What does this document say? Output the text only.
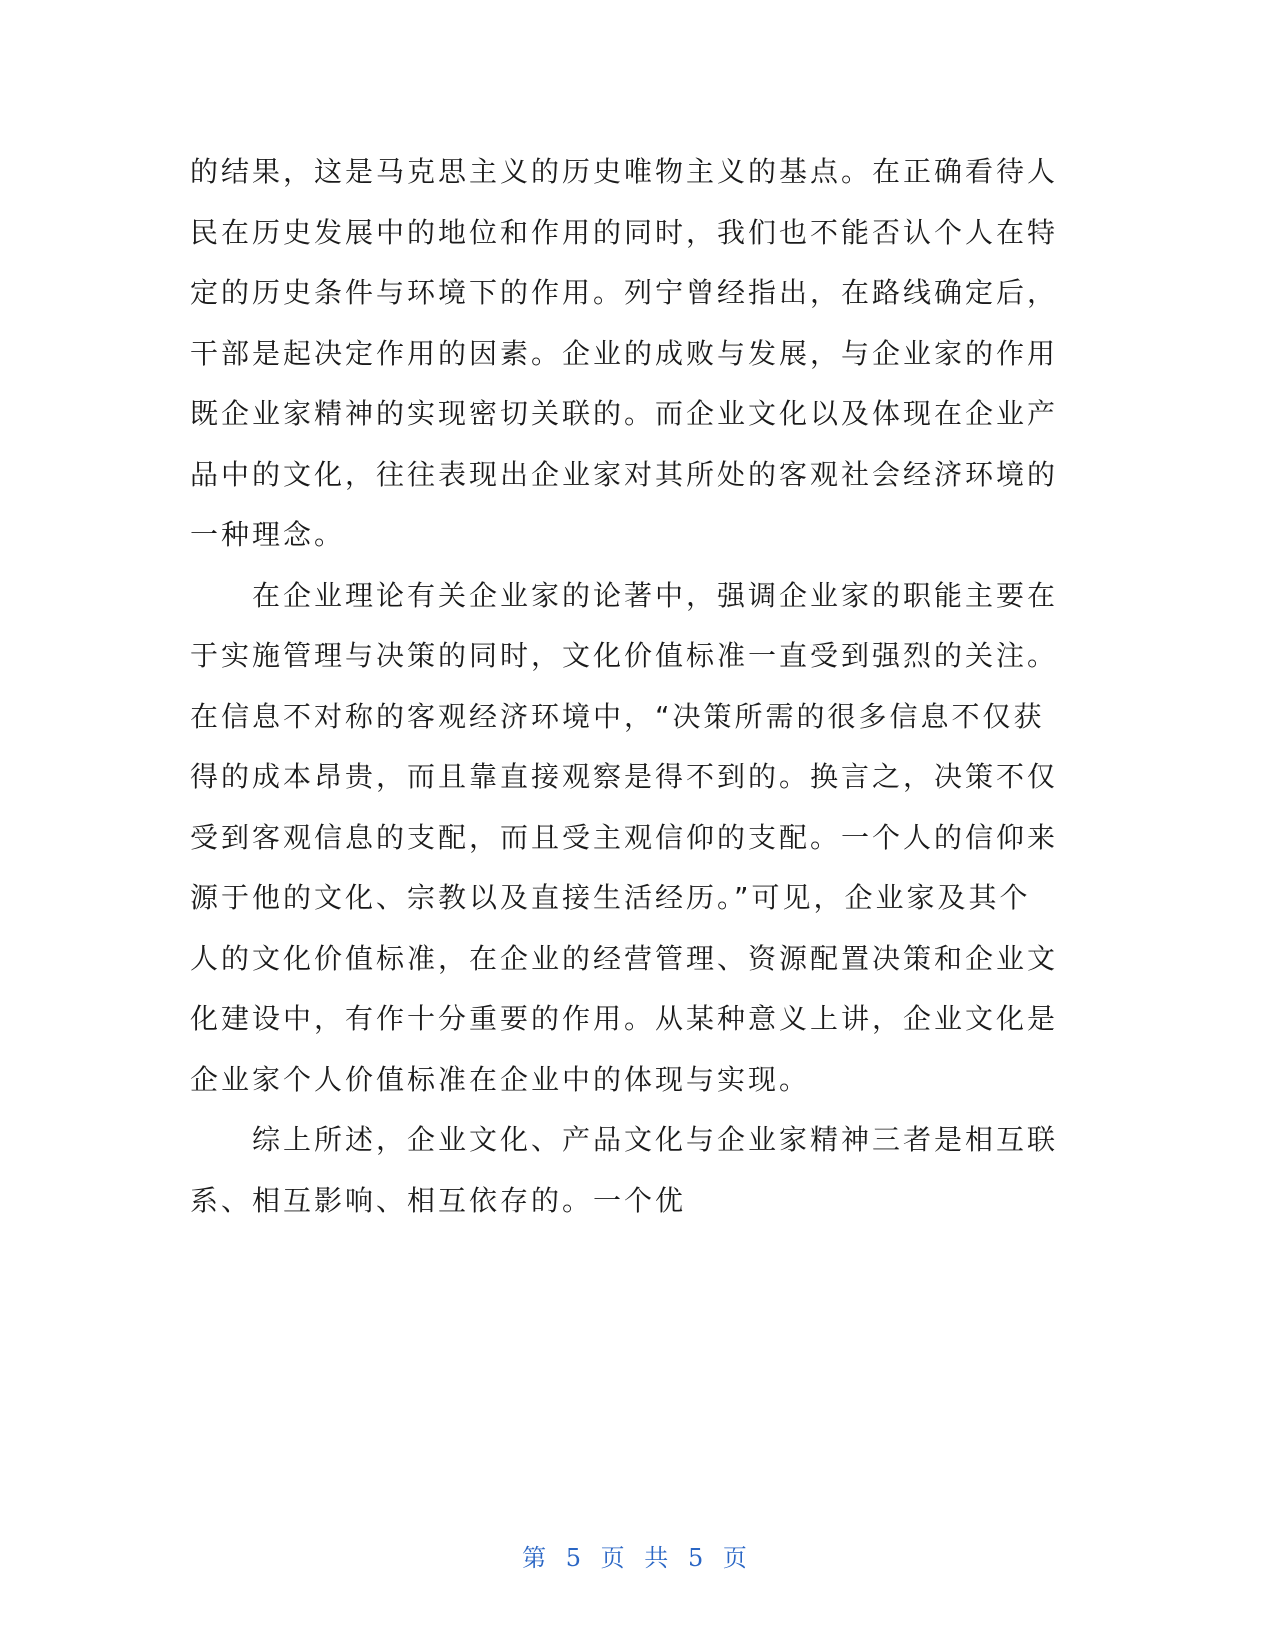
的结果，这是马克思主义的历史唯物主义的基点。在正确看待人
民在历史发展中的地位和作用的同时，我们也不能否认个人在特
定的历史条件与环境下的作用。列宁曾经指出，在路线确定后，
干部是起决定作用的因素。企业的成败与发展，与企业家的作用
既企业家精神的实现密切关联的。而企业文化以及体现在企业产
品中的文化，往往表现出企业家对其所处的客观社会经济环境的
一种理念。
　　在企业理论有关企业家的论著中，强调企业家的职能主要在
于实施管理与决策的同时，文化价值标准一直受到强烈的关注。
在信息不对称的客观经济环境中，“决策所需的很多信息不仅获
得的成本昂贵，而且靠直接观察是得不到的。换言之，决策不仅
受到客观信息的支配，而且受主观信仰的支配。一个人的信仰来
源于他的文化、宗教以及直接生活经历。”可见，企业家及其个
人的文化价值标准，在企业的经营管理、资源配置决策和企业文
化建设中，有作十分重要的作用。从某种意义上讲，企业文化是
企业家个人价值标准在企业中的体现与实现。
　　综上所述，企业文化、产品文化与企业家精神三者是相互联
系、相互影响、相互依存的。一个优
第 5 页 共 5 页
